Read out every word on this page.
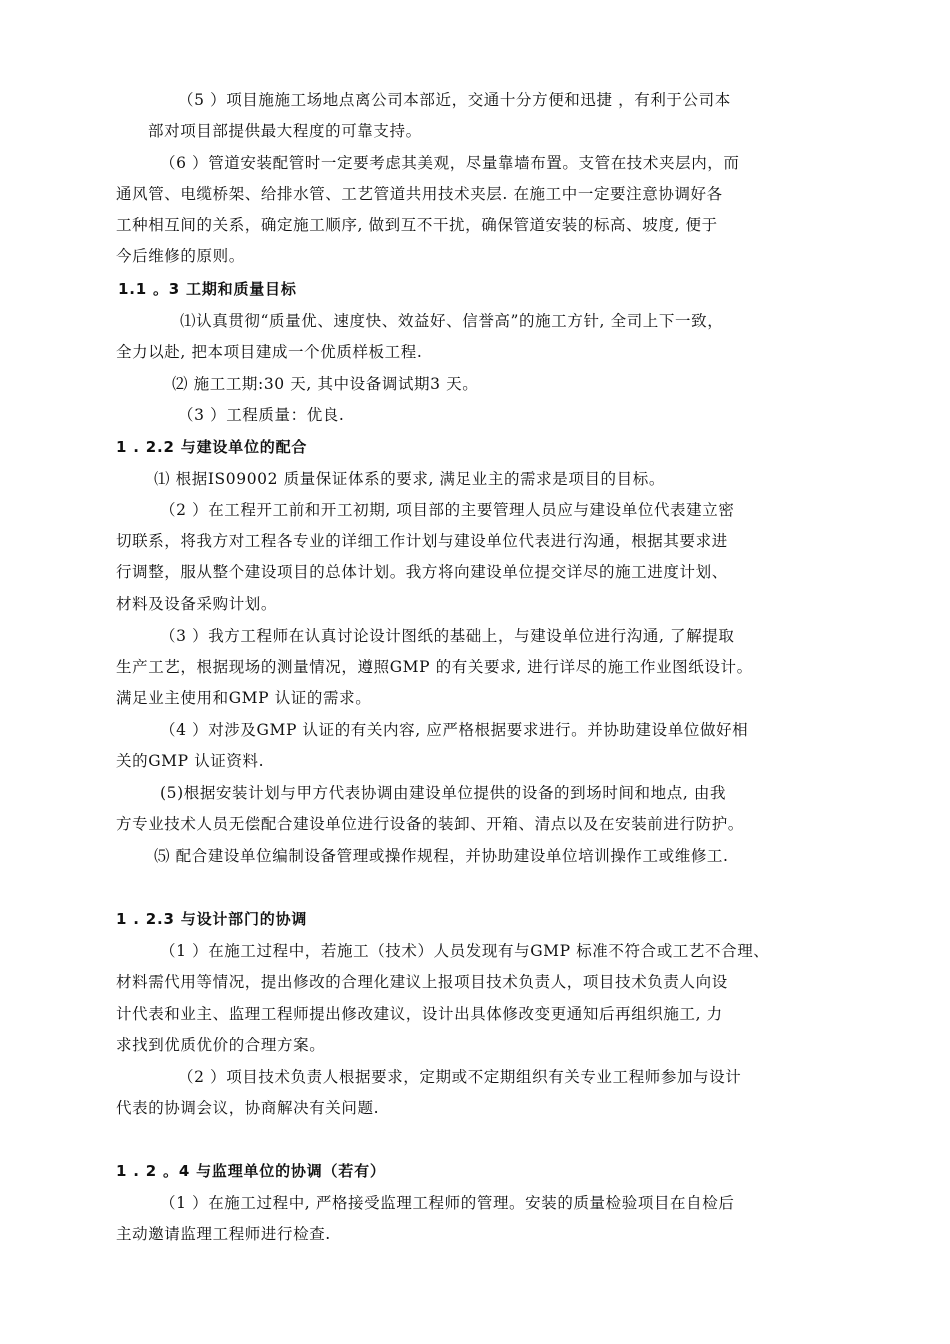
（5 ）项目施施工场地点离公司本部近，交通十分方便和迅捷 ，有利于公司本
部对项目部提供最大程度的可靠支持。
（6 ）管道安装配管时一定要考虑其美观，尽量靠墙布置。支管在技术夹层内，而
通风管、电缆桥架、给排水管、工艺管道共用技术夹层. 在施工中一定要注意协调好各
工种相互间的关系，确定施工顺序, 做到互不干扰，确保管道安装的标高、坡度, 便于
今后维修的原则。
1.1 。3 工期和质量目标
⑴认真贯彻“质量优、速度快、效益好、信誉高”的施工方针, 全司上下一致，
全力以赴, 把本项目建成一个优质样板工程.
⑵ 施工工期:30 天, 其中设备调试期3 天。
（3 ）工程质量：优良.
1 . 2.2 与建设单位的配合
⑴ 根据IS09002 质量保证体系的要求, 满足业主的需求是项目的目标。
（2 ）在工程开工前和开工初期, 项目部的主要管理人员应与建设单位代表建立密
切联系，将我方对工程各专业的详细工作计划与建设单位代表进行沟通，根据其要求进
行调整，服从整个建设项目的总体计划。我方将向建设单位提交详尽的施工进度计划、
材料及设备采购计划。
（3 ）我方工程师在认真讨论设计图纸的基础上，与建设单位进行沟通, 了解提取
生产工艺，根据现场的测量情况，遵照GMP 的有关要求, 进行详尽的施工作业图纸设计。
满足业主使用和GMP 认证的需求。
（4 ）对涉及GMP 认证的有关内容, 应严格根据要求进行。并协助建设单位做好相
关的GMP 认证资料.
(5)根据安装计划与甲方代表协调由建设单位提供的设备的到场时间和地点, 由我
方专业技术人员无偿配合建设单位进行设备的装卸、开箱、清点以及在安装前进行防护。
⑸ 配合建设单位编制设备管理或操作规程，并协助建设单位培训操作工或维修工.
1 . 2.3 与设计部门的协调
（1 ）在施工过程中，若施工（技术）人员发现有与GMP 标准不符合或工艺不合理、
材料需代用等情况，提出修改的合理化建议上报项目技术负责人，项目技术负责人向设
计代表和业主、监理工程师提出修改建议，设计出具体修改变更通知后再组织施工, 力
求找到优质优价的合理方案。
（2 ）项目技术负责人根据要求，定期或不定期组织有关专业工程师参加与设计
代表的协调会议，协商解决有关问题.
1 . 2 。4 与监理单位的协调（若有）
（1 ）在施工过程中, 严格接受监理工程师的管理。安装的质量检验项目在自检后
主动邀请监理工程师进行检查.
